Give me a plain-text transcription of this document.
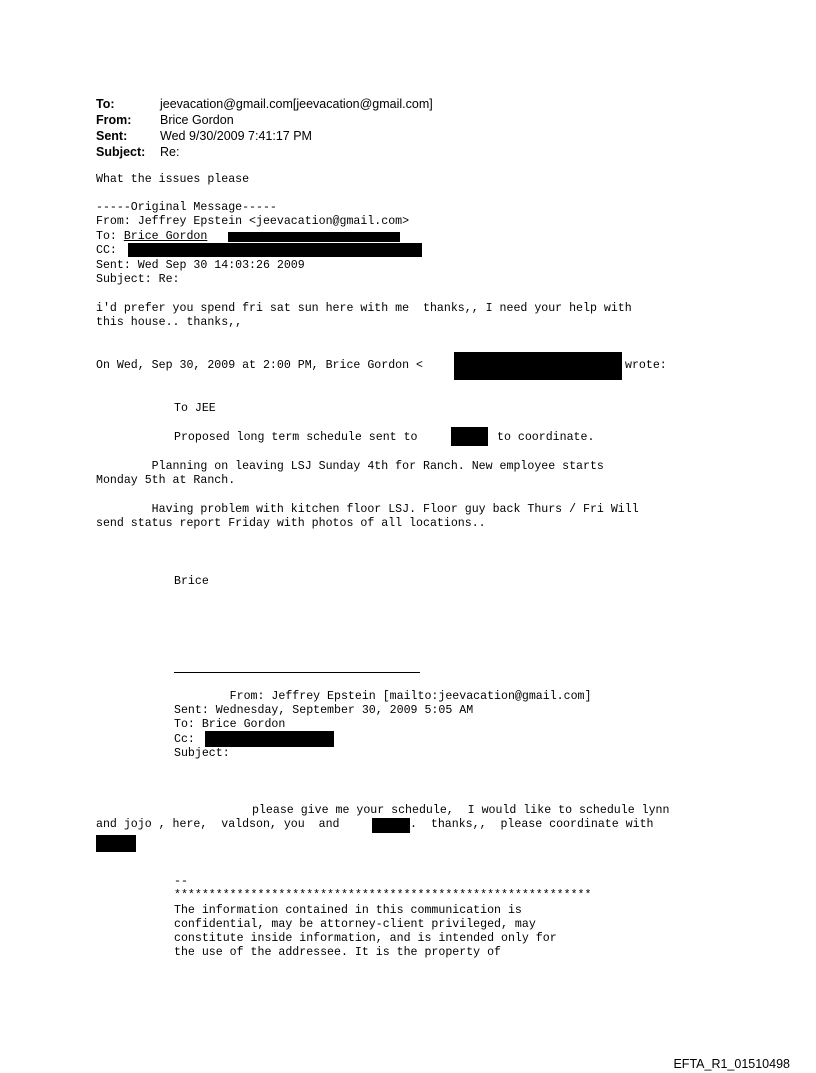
To:	jeevacation@gmail.com[jeevacation@gmail.com]
From: Brice Gordon
Sent:	Wed 9/30/2009 7:41:17 PM
Subject: Re:
What the issues please
-----Original Message-----
From: Jeffrey Epstein <jeevacation@gmail.com>
To: Brice Gordon
CC:
Sent: Wed Sep 30 14:03:26 2009
Subject: Re:
i'd prefer you spend fri sat sun here with me  thanks,, I need your help with
this house.. thanks,,
On Wed, Sep 30, 2009 at 2:00 PM, Brice Gordon <	wrote:
To JEE
Proposed long term schedule sent to	to coordinate.
Planning on leaving LSJ Sunday 4th for Ranch. New employee starts
Monday 5th at Ranch.
Having problem with kitchen floor LSJ. Floor guy back Thurs / Fri Will
send status report Friday with photos of all locations..
Brice
From: Jeffrey Epstein [mailto:jeevacation@gmail.com]
Sent: Wednesday, September 30, 2009 5:05 AM
To: Brice Gordon
Cc:
Subject:
please give me your schedule,  I would like to schedule lynn
and jojo , here,  valdson, you  and	.  thanks,,  please coordinate with
--
************************************************************
The information contained in this communication is
confidential, may be attorney-client privileged, may
constitute inside information, and is intended only for
the use of the addressee. It is the property of
EFTA_R1_01510498
